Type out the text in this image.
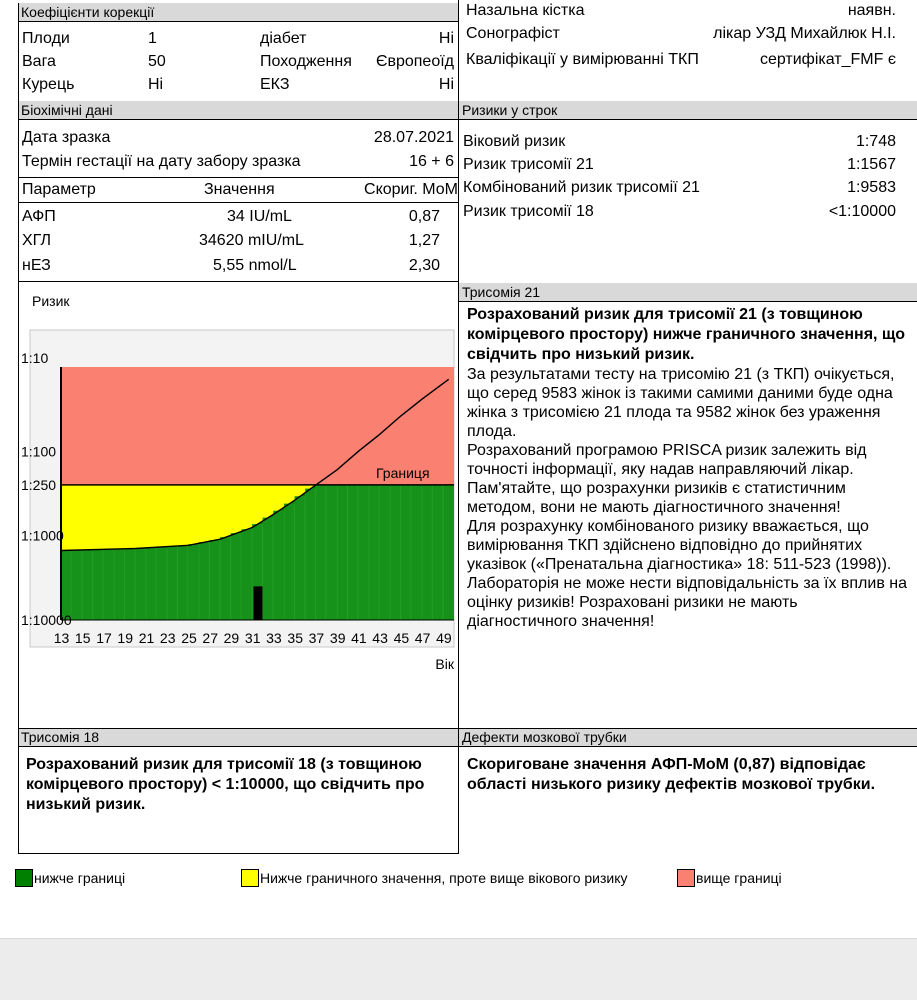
Коефіцієнти корекції
Плоди	1	діабет	Ні
Вага	50	Походження Європеоїд
Курець	Ні	ЕКЗ	Ні
Назальна кістка	наявн.
Сонографіст	лікар УЗД Михайлюк Н.І.
Кваліфікації у вимірюванні ТКП	сертифікат_FMF є
Біохімічні дані
Дата зразка	28.07.2021
Термін гестації на дату забору зразка	16 + 6
Параметр	Значення	Скориг. МоМ
АФП	34 IU/mL	0,87
ХГЛ	34620 mIU/mL	1,27
нЕЗ	5,55 nmol/L	2,30
Ризики у строк
Віковий ризик	1:748
Ризик трисомії 21	1:1567
Комбінований ризик трисомії 21	1:9583
Ризик трисомії 18	<1:10000
Ризик
1:10
1:100
1:250
1:1000
1:10000
Границя
13 15 17 19 21 23 25 27 29 31 33 35 37 39 41 43 45 47 49
Вік
Трисомія 21
Розрахований ризик для трисомії 21 (з товщиною комірцевого простору) нижче граничного значення, що свідчить про низький ризик.
За результатами тесту на трисомію 21 (з ТКП) очікується, що серед 9583 жінок із такими самими даними буде одна жінка з трисомією 21 плода та 9582 жінок без ураження плода.
Розрахований програмою PRISCA ризик залежить від точності інформації, яку надав направляючий лікар.
Пам'ятайте, що розрахунки ризиків є статистичним методом, вони не мають діагностичного значення!
Для розрахунку комбінованого ризику вважається, що вимірювання ТКП здійснено відповідно до прийнятих указівок («Пренатальна діагностика» 18: 511-523 (1998)).
Лабораторія не може нести відповідальність за їх вплив на оцінку ризиків! Розраховані ризики не мають діагностичного значення!
Трисомія 18
Розрахований ризик для трисомії 18 (з товщиною комірцевого простору) < 1:10000, що свідчить про низький ризик.
Дефекти мозкової трубки
Скориговане значення АФП-МоМ (0,87) відповідає області низького ризику дефектів мозкової трубки.
нижче границі	Нижче граничного значення, проте вище вікового ризику	вище границі
